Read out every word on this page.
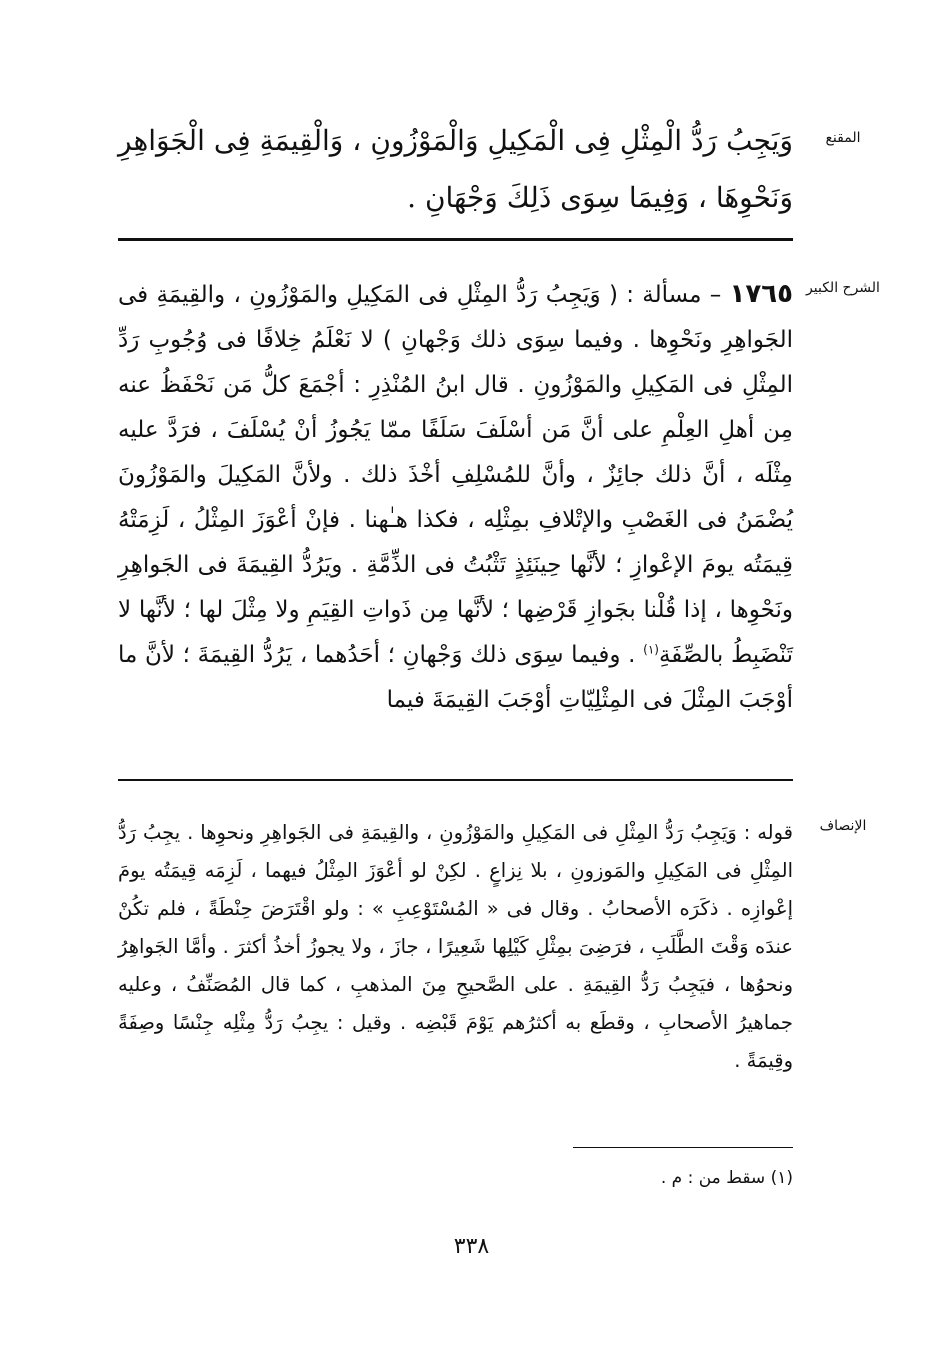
المقنع
وَيَجِبُ رَدُّ الْمِثْلِ فِى الْمَكِيلِ وَالْمَوْزُونِ ، وَالْقِيمَةِ فِى الْجَوَاهِرِ وَنَحْوِهَا ، وَفِيمَا سِوَى ذَلِكَ وَجْهَانِ .
الشرح الكبير
١٧٦٥ – مسألة : ( وَيَجِبُ رَدُّ المِثْلِ فى المَكِيلِ والمَوْزُونِ ، والقِيمَةِ فى الجَواهِرِ ونَحْوِها . وفيما سِوَى ذلك وَجْهانِ ) لا نَعْلَمُ خِلافًا فى وُجُوبِ رَدِّ المِثْلِ فى المَكِيلِ والمَوْزُونِ . قال ابنُ المُنْذِرِ : أجْمَعَ كلُّ مَن نَحْفَظُ عنه مِن أهلِ العِلْمِ على أنَّ مَن أسْلَفَ سَلَفًا ممّا يَجُوزُ أنْ يُسْلَفَ ، فرَدَّ عليه مِثْلَه ، أنَّ ذلك جائِزٌ ، وأنَّ للمُسْلِفِ أخْذَ ذلك . ولأنَّ المَكِيلَ والمَوْزُونَ يُضْمَنُ فى الغَصْبِ والإتْلافِ بمِثْلِه ، فكذا هـٰهنا . فإنْ أعْوَزَ المِثْلُ ، لَزِمَتْهُ قِيمَتُه يومَ الإعْوازِ ؛ لأنَّها حِينَئِذٍ تَثْبُتُ فى الذِّمَّةِ . ويَرُدُّ القِيمَةَ فى الجَواهِرِ ونَحْوِها ، إذا قُلْنا بجَوازِ قَرْضِها ؛ لأنَّها مِن ذَواتِ القِيَمِ ولا مِثْلَ لها ؛ لأنَّها لا تَنْضَبِطُ بالصِّفَةِ$^{(١)}$ . وفيما سِوَى ذلك وَجْهانِ ؛ أحَدُهما ، يَرُدُّ القِيمَةَ ؛ لأنَّ ما أوْجَبَ المِثْلَ فى المِثْلِيّاتِ أوْجَبَ القِيمَةَ فيما
الإنصاف
قوله : وَيَجِبُ رَدُّ المِثْلِ فى المَكِيلِ والمَوْزُونِ ، والقِيمَةِ فى الجَواهِرِ ونحوِها . يجِبُ رَدُّ المِثْلِ فى المَكِيلِ والمَوزونِ ، بلا نِزاعٍ . لكِنْ لو أعْوَزَ المِثْلُ فيهما ، لَزِمَه قِيمَتُه يومَ إعْوازِه . ذكَرَه الأصحابُ . وقال فى « المُسْتَوْعِبِ » : ولو اقْتَرَضَ حِنْطَةً ، فلم تكُنْ عندَه وَقْتَ الطَّلَبِ ، فرَضِىَ بمِثْلِ كَيْلِها شَعِيرًا ، جازَ ، ولا يجوزُ أخذُ أكثرَ . وأمَّا الجَواهِرُ ونحوُها ، فيَجِبُ رَدُّ القِيمَةِ . على الصَّحيحِ مِنَ المذهبِ ، كما قال المُصَنِّفُ ، وعليه جماهيرُ الأصحابِ ، وقطَع به أكثرُهم يَوْمَ قَبْضِه . وقيل : يجِبُ رَدُّ مِثْلِه جِنْسًا وصِفَةً وقِيمَةً .
(١) سقط من : م .
٣٣٨
